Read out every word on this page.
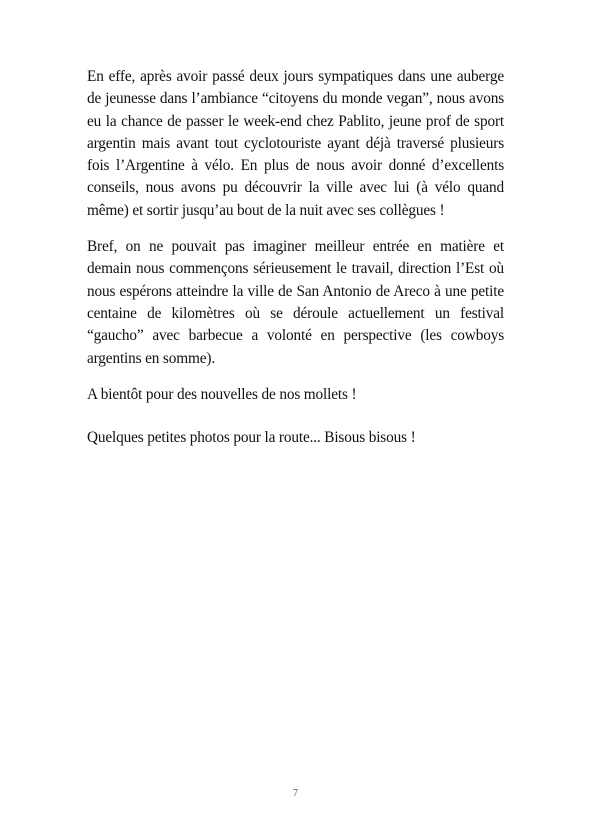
En effe, après avoir passé deux jours sympatiques dans une auberge de jeunesse dans l’ambiance “citoyens du monde vegan”, nous avons eu la chance de passer le week-end chez Pablito, jeune prof de sport argentin mais avant tout cyclotouriste ayant déjà traversé plusieurs fois l’Argentine à vélo. En plus de nous avoir donné d’excellents conseils, nous avons pu découvrir la ville avec lui (à vélo quand même) et sortir jusqu’au bout de la nuit avec ses collègues !

Bref, on ne pouvait pas imaginer meilleur entrée en matière et demain nous commençons sérieusement le travail, direction l’Est où nous espérons atteindre la ville de San Antonio de Areco à une petite centaine de kilomètres où se déroule actuellement un festival “gaucho” avec barbecue a volonté en perspective (les cowboys argentins en somme).

A bientôt pour des nouvelles de nos mollets !

Quelques petites photos pour la route... Bisous bisous !

7
